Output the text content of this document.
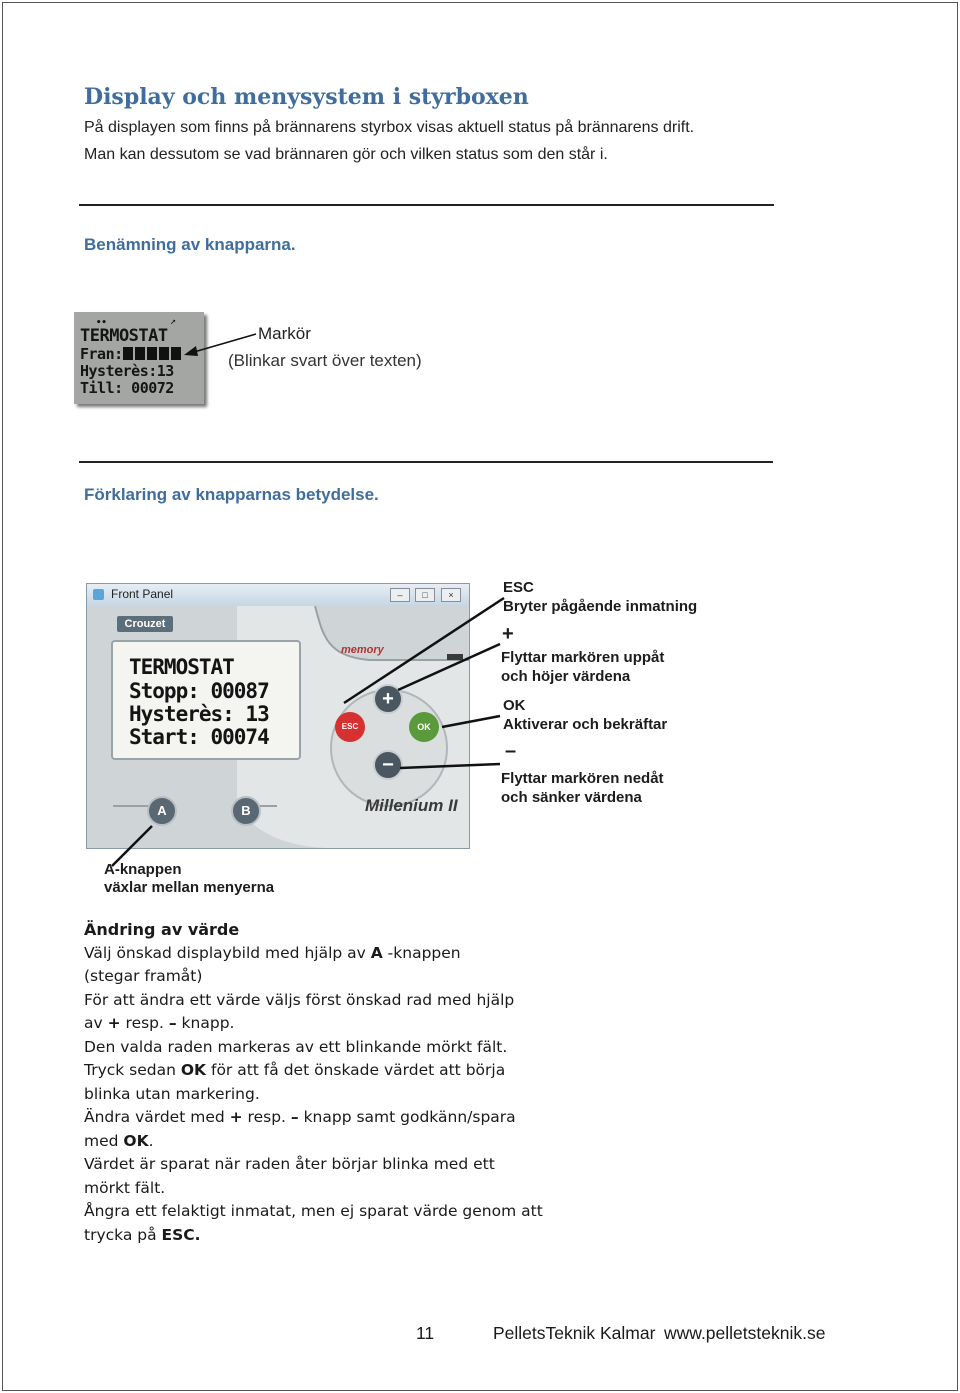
Display och menysystem i styrboxen
På displayen som finns på brännarens styrbox visas aktuell status på brännarens drift.
Man kan dessutom se vad brännaren gör och vilken status som den står i.
Benämning av knapparna.
••	↗
TERMOSTAT
Fran:
Hysterès:13
Till: 00072
Markör
(Blinkar svart över texten)
Förklaring av knapparnas betydelse.
Front Panel	–	□	×
Crouzet
TERMOSTAT
Stopp: 00087
Hysterès: 13
Start: 00074
memory
Millenium II
ESC	OK
+
−
A	B
ESC
Bryter pågående inmatning
+
Flyttar markören uppåt
och höjer värdena
OK
Aktiverar och bekräftar
–
Flyttar markören nedåt
och sänker värdena
A-knappen
växlar mellan menyerna
Ändring av värde
Välj önskad displaybild med hjälp av A -knappen
(stegar framåt)
För att ändra ett värde väljs först önskad rad med hjälp
av + resp. – knapp.
Den valda raden markeras av ett blinkande mörkt fält.
Tryck sedan OK för att få det önskade värdet att börja
blinka utan markering.
Ändra värdet med + resp. – knapp samt godkänn/spara
med OK.
Värdet är sparat när raden åter börjar blinka med ett
mörkt fält.
Ångra ett felaktigt inmatat, men ej sparat värde genom att
trycka på ESC.
11	PelletsTeknik Kalmar www.pelletsteknik.se
